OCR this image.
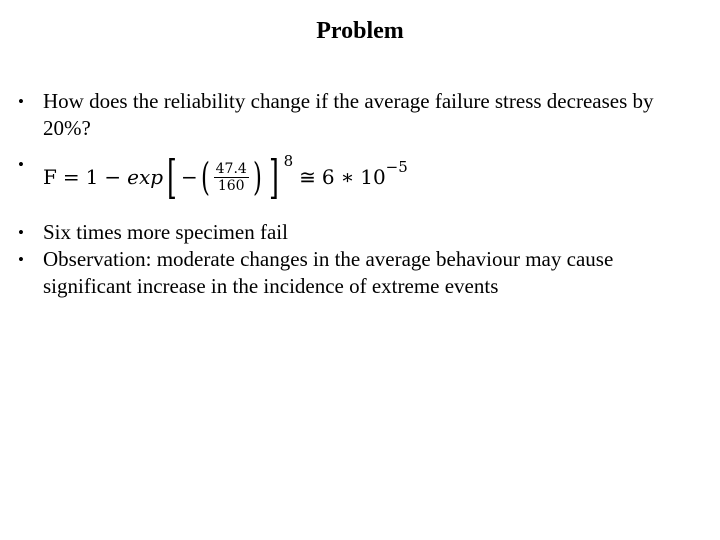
Problem
• How does the reliability change if the average failure stress decreases by 20%?
• F = 1 − exp [ − ( $\frac{47.4}{160}$ ) ] 8
≅ 6 ∗ 10 −5
• Six times more specimen fail
• Observation: moderate changes in the average behaviour may cause significant increase in the incidence of extreme events
